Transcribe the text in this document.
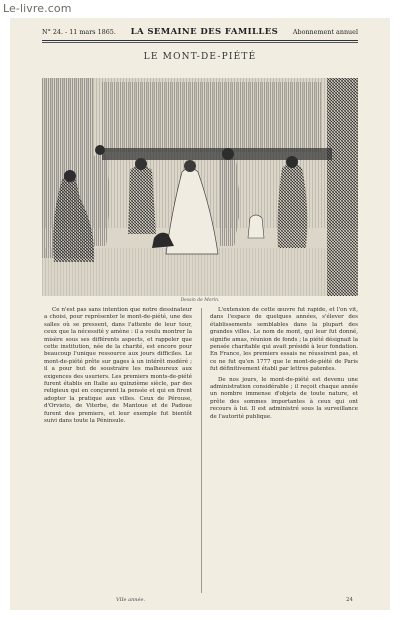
Le-livre.com
N° 24. - 11 mars 1865. LA SEMAINE DES FAMILLES Abonnement annuel
LE MONT-DE-PIÉTÉ
Dessin de Morin.

Ce n'est pas sans intention que notre dessinateur a choisi, pour représenter le mont-de-piété, une des salles où se pressent, dans l'attente de leur tour, ceux que la nécessité y amène : il a voulu montrer la misère sous ses différents aspects, et rappeler que cette institution, née de la charité, est encore pour beaucoup l'unique ressource aux jours difficiles. Le mont-de-piété prête sur gages à un intérêt modéré ; il a pour but de soustraire les malheureux aux exigences des usuriers. Les premiers monts-de-piété furent établis en Italie au quinzième siècle, par des religieux qui en conçurent la pensée et qui en firent adopter la pratique aux villes. Ceux de Pérouse, d'Orvieto, de Viterbe, de Mantoue et de Padoue furent des premiers, et leur exemple fut bientôt suivi dans toute la Péninsule.

L'extension de cette œuvre fut rapide, et l'on vit, dans l'espace de quelques années, s'élever des établissements semblables dans la plupart des grandes villes. Le nom de mont, qui leur fut donné, signifie amas, réunion de fonds ; la piété désignait la pensée charitable qui avait présidé à leur fondation. En France, les premiers essais ne réussirent pas, et ce ne fut qu'en 1777 que le mont-de-piété de Paris fut définitivement établi par lettres patentes.

De nos jours, le mont-de-piété est devenu une administration considérable ; il reçoit chaque année un nombre immense d'objets de toute nature, et prête des sommes importantes à ceux qui ont recours à lui. Il est administré sous la surveillance de l'autorité publique.

VIIe année.	24
